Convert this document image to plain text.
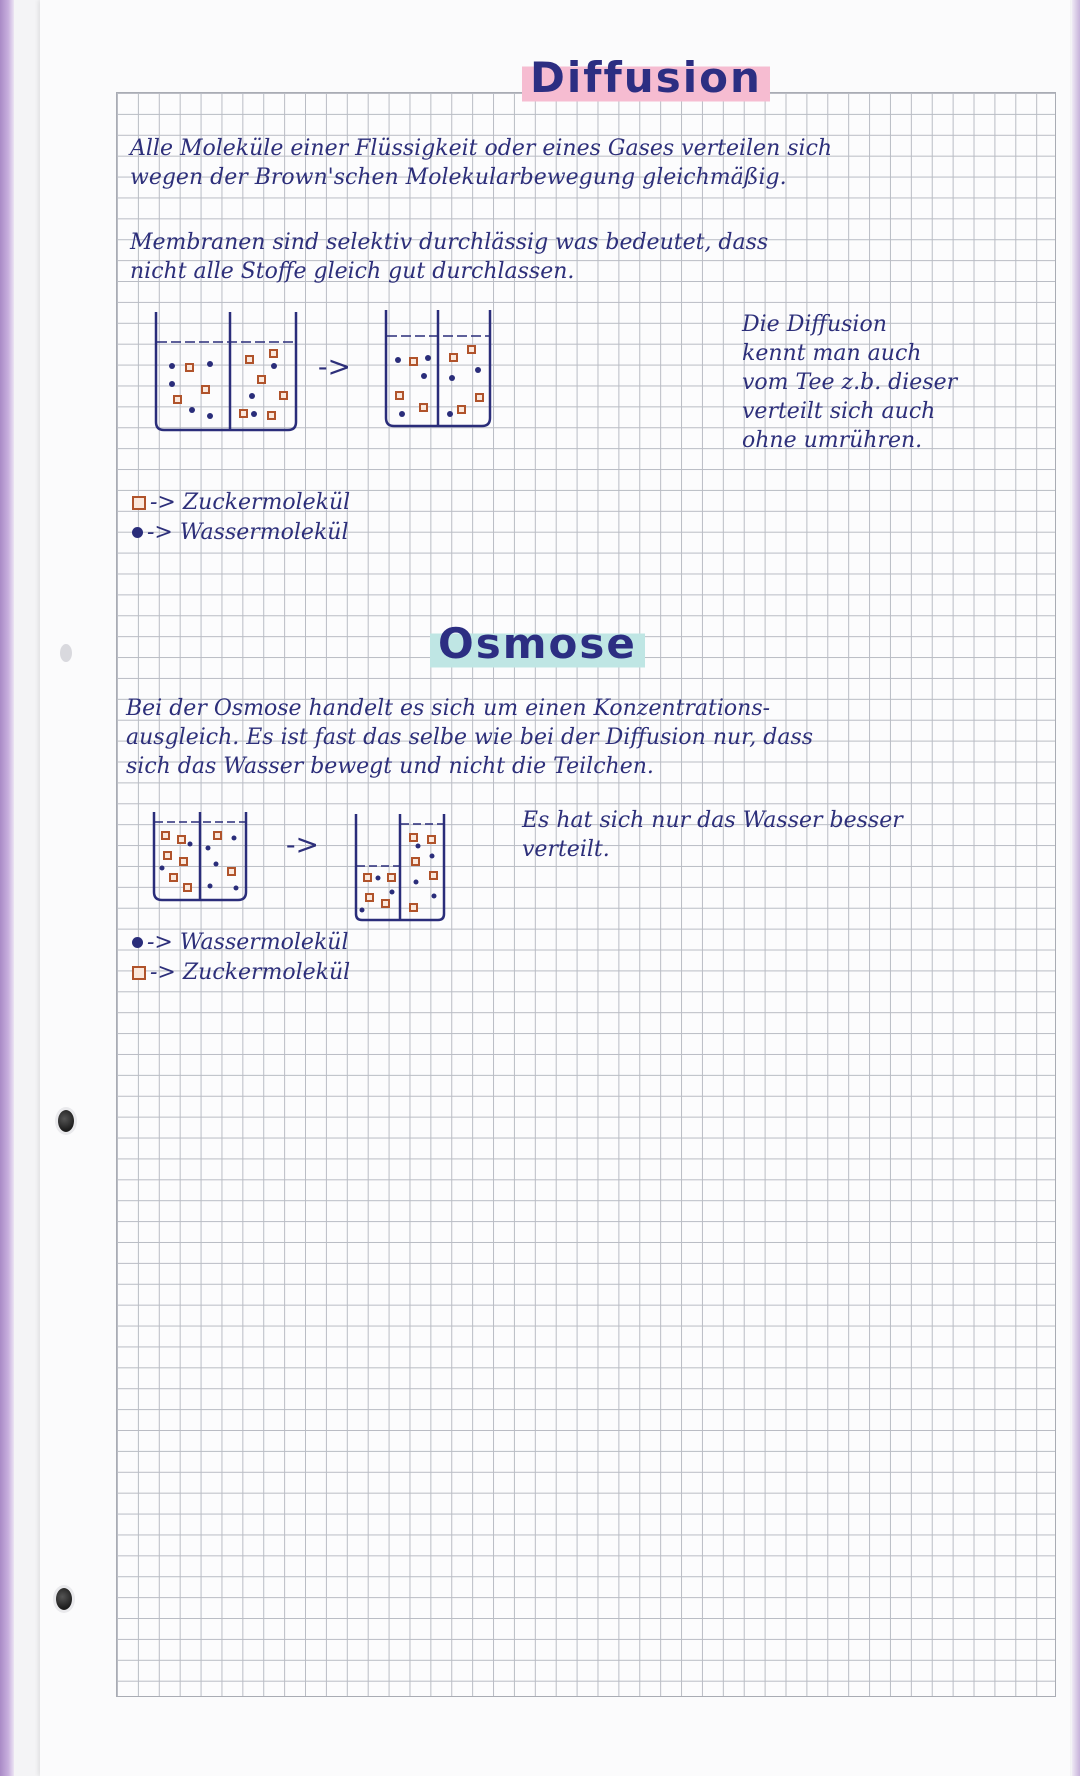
Diffusion

Alle Moleküle einer Flüssigkeit oder eines Gases verteilen sich

wegen der Brown'schen Molekularbewegung gleichmäßig.

Membranen sind selektiv durchlässig was bedeutet, dass

nicht alle Stoffe gleich gut durchlassen.

->

Die Diffusion

kennt man auch

vom Tee z.b. dieser

verteilt sich auch

ohne umrühren.

-> Zuckermolekül
-> Wassermolekül
Osmose

Bei der Osmose handelt es sich um einen Konzentrations-

ausgleich. Es ist fast das selbe wie bei der Diffusion nur, dass

sich das Wasser bewegt und nicht die Teilchen.

->

Es hat sich nur das Wasser besser

verteilt.

-> Wassermolekül
-> Zuckermolekül
